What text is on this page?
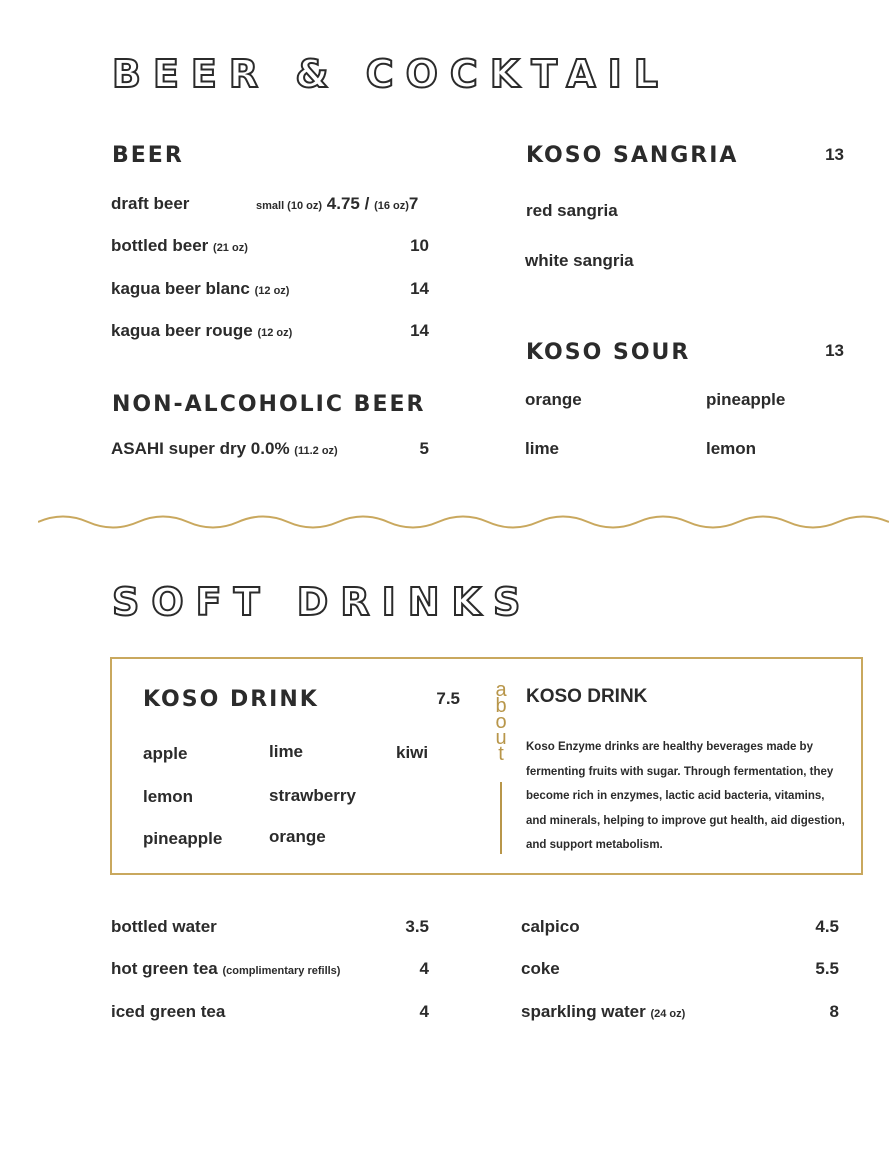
BEER & COCKTAIL
BEER
draft beer	small (10 oz) 4.75 / (16 oz)7
bottled beer (21 oz)	10
kagua beer blanc (12 oz)	14
kagua beer rouge (12 oz)	14
NON-ALCOHOLIC BEER
ASAHI super dry 0.0% (11.2 oz)	5
KOSO SANGRIA	13
red sangria
white sangria
KOSO SOUR	13
orange	pineapple
lime	lemon
SOFT DRINKS
KOSO DRINK	7.5
apple	lime	kiwi
lemon	strawberry
pineapple	orange
a
b
o
u
t
KOSO DRINK
Koso Enzyme drinks are healthy beverages made by fermenting fruits with sugar. Through fermentation, they become rich in enzymes, lactic acid bacteria, vitamins, and minerals, helping to improve gut health, aid digestion, and support metabolism.
bottled water	3.5
hot green tea (complimentary refills)	4
iced green tea	4
calpico	4.5
coke	5.5
sparkling water (24 oz)	8
